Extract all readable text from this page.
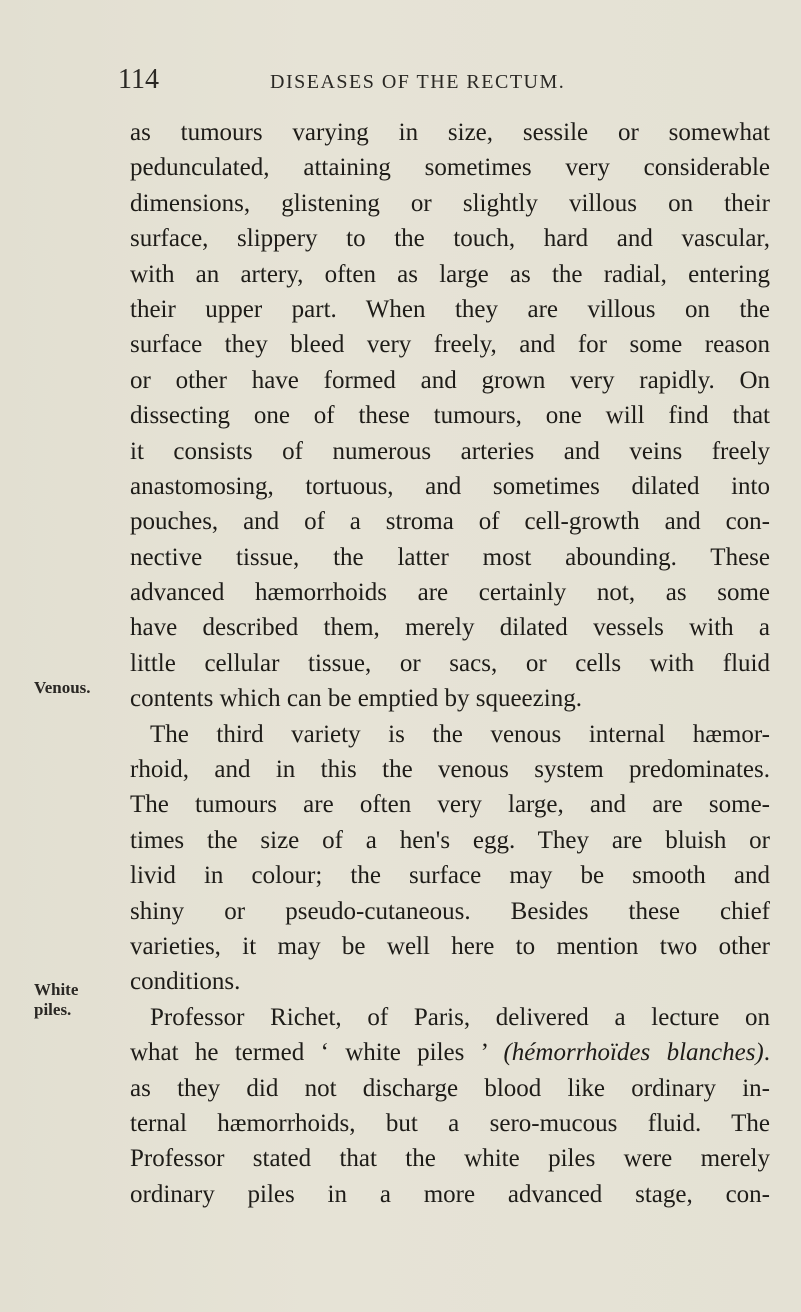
114	DISEASES OF THE RECTUM.
Venous.
White
piles.
as tumours varying in size, sessile or somewhat
pedunculated, attaining sometimes very considerable
dimensions, glistening or slightly villous on their
surface, slippery to the touch, hard and vascular,
with an artery, often as large as the radial, entering
their upper part. When they are villous on the
surface they bleed very freely, and for some reason
or other have formed and grown very rapidly. On
dissecting one of these tumours, one will find that
it consists of numerous arteries and veins freely
anastomosing, tortuous, and sometimes dilated into
pouches, and of a stroma of cell-growth and con-
nective tissue, the latter most abounding. These
advanced hæmorrhoids are certainly not, as some
have described them, merely dilated vessels with a
little cellular tissue, or sacs, or cells with fluid
contents which can be emptied by squeezing.
The third variety is the venous internal hæmor-
rhoid, and in this the venous system predominates.
The tumours are often very large, and are some-
times the size of a hen's egg. They are bluish or
livid in colour; the surface may be smooth and
shiny or pseudo-cutaneous. Besides these chief
varieties, it may be well here to mention two other
conditions.
Professor Richet, of Paris, delivered a lecture on
what he termed ‘ white piles ’ (hémorrhoïdes blanches).
as they did not discharge blood like ordinary in-
ternal hæmorrhoids, but a sero-mucous fluid. The
Professor stated that the white piles were merely
ordinary piles in a more advanced stage, con-
